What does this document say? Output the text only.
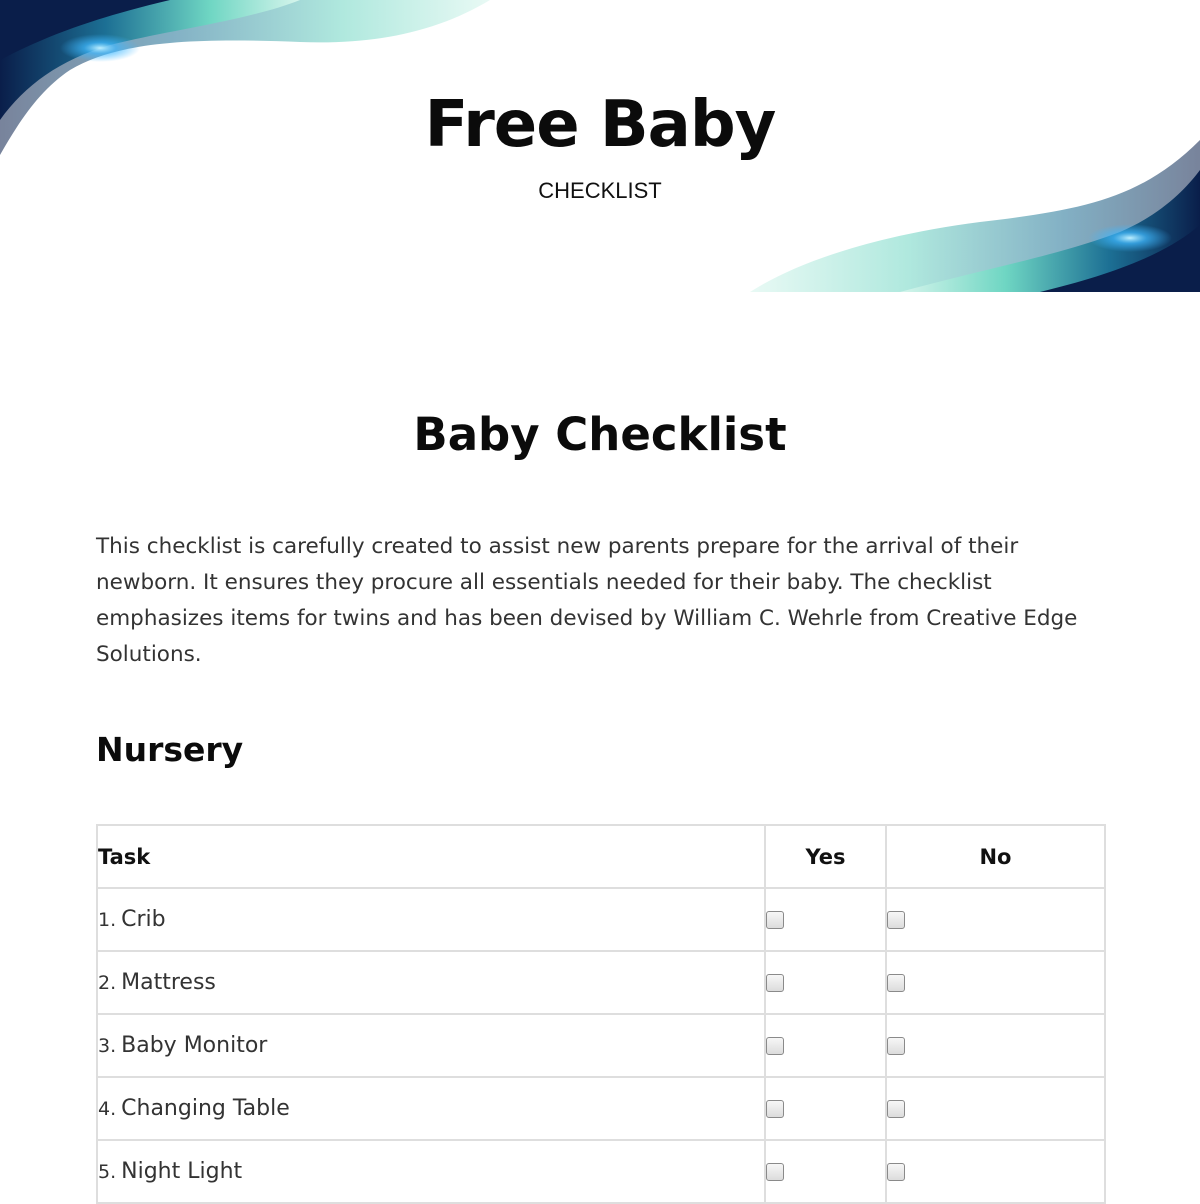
Free Baby

CHECKLIST

Baby Checklist

This checklist is carefully created to assist new parents prepare for the arrival of their newborn. It ensures they procure all essentials needed for their baby. The checklist emphasizes items for twins and has been devised by William C. Wehrle from Creative Edge Solutions.

Nursery
Task	Yes	No
1. Crib		
2. Mattress		
3. Baby Monitor		
4. Changing Table		
5. Night Light		
